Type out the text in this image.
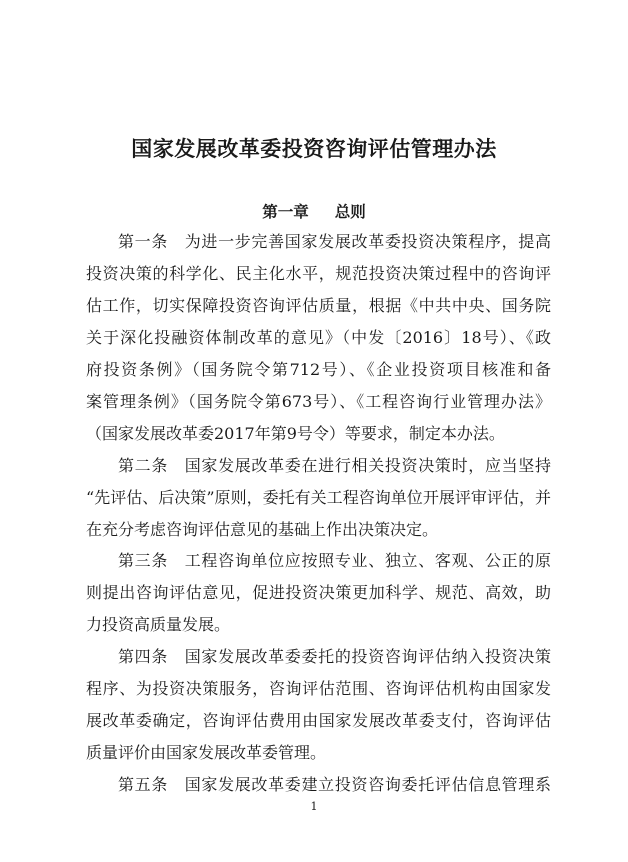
国家发展改革委投资咨询评估管理办法
第一章 总则
第一条　为进一步完善国家发展改革委投资决策程序，提高
投资决策的科学化、民主化水平，规范投资决策过程中的咨询评
估工作，切实保障投资咨询评估质量，根据《中共中央、国务院
关于深化投融资体制改革的意见》（中发〔2016〕18号）、《政
府投资条例》（国务院令第712号）、《企业投资项目核准和备
案管理条例》（国务院令第673号）、《工程咨询行业管理办法》
（国家发展改革委2017年第9号令）等要求，制定本办法。
第二条　国家发展改革委在进行相关投资决策时，应当坚持
“先评估、后决策”原则，委托有关工程咨询单位开展评审评估，并
在充分考虑咨询评估意见的基础上作出决策决定。
第三条　工程咨询单位应按照专业、独立、客观、公正的原
则提出咨询评估意见，促进投资决策更加科学、规范、高效，助
力投资高质量发展。
第四条　国家发展改革委委托的投资咨询评估纳入投资决策
程序、为投资决策服务，咨询评估范围、咨询评估机构由国家发
展改革委确定，咨询评估费用由国家发展改革委支付，咨询评估
质量评价由国家发展改革委管理。
第五条　国家发展改革委建立投资咨询委托评估信息管理系
1
